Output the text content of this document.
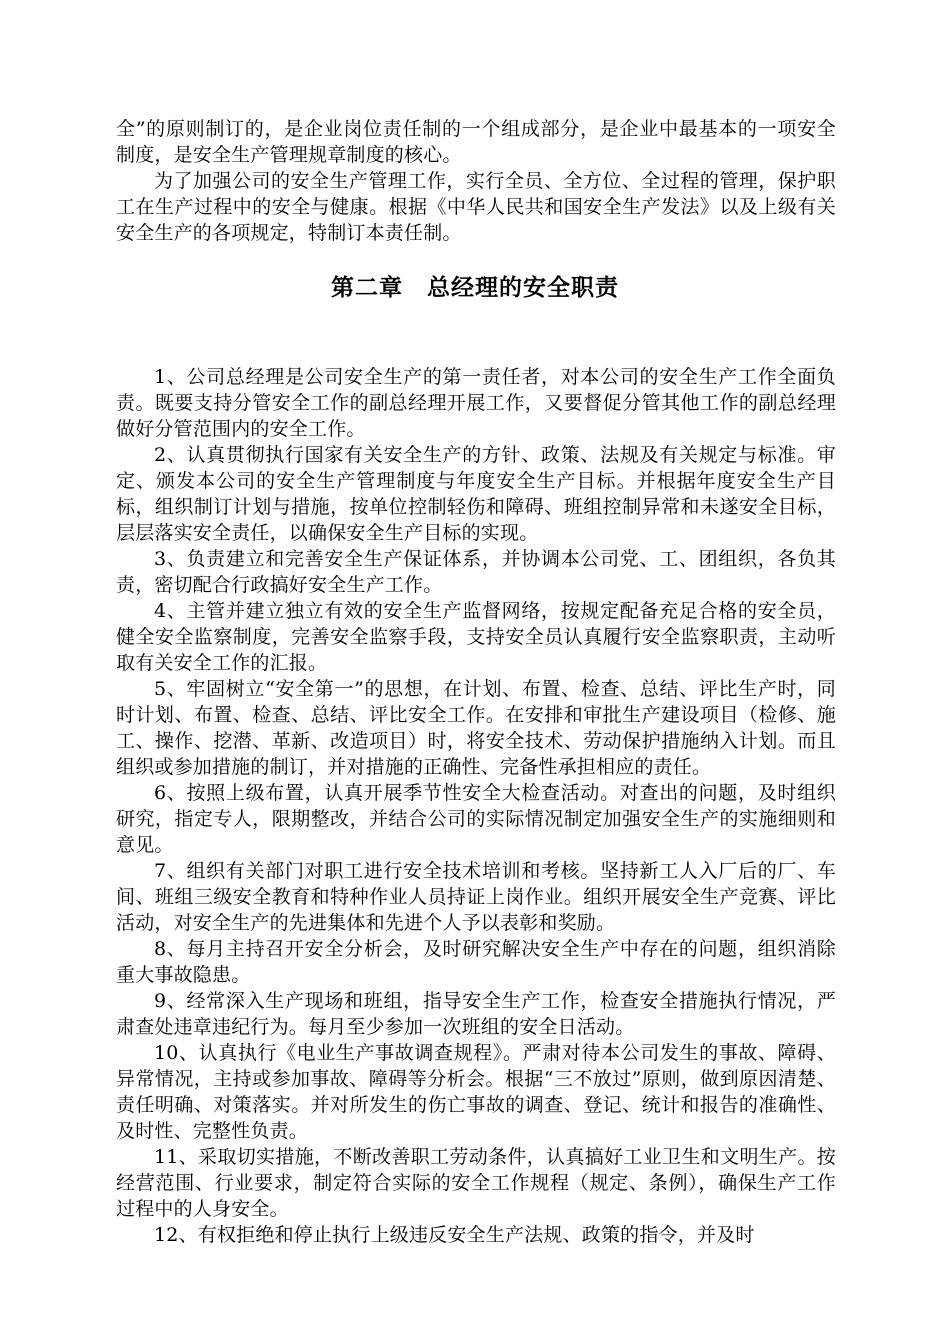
全”的原则制订的，是企业岗位责任制的一个组成部分，是企业中最基本的一项安全制度，是安全生产管理规章制度的核心。

为了加强公司的安全生产管理工作，实行全员、全方位、全过程的管理，保护职工在生产过程中的安全与健康。根据《中华人民共和国安全生产发法》以及上级有关安全生产的各项规定，特制订本责任制。

第二章　总经理的安全职责

1、公司总经理是公司安全生产的第一责任者，对本公司的安全生产工作全面负责。既要支持分管安全工作的副总经理开展工作，又要督促分管其他工作的副总经理做好分管范围内的安全工作。

2、认真贯彻执行国家有关安全生产的方针、政策、法规及有关规定与标准。审定、颁发本公司的安全生产管理制度与年度安全生产目标。并根据年度安全生产目标，组织制订计划与措施，按单位控制轻伤和障碍、班组控制异常和未遂安全目标，层层落实安全责任，以确保安全生产目标的实现。

3、负责建立和完善安全生产保证体系，并协调本公司党、工、团组织，各负其责，密切配合行政搞好安全生产工作。

4、主管并建立独立有效的安全生产监督网络，按规定配备充足合格的安全员，健全安全监察制度，完善安全监察手段，支持安全员认真履行安全监察职责，主动听取有关安全工作的汇报。

5、牢固树立“安全第一”的思想，在计划、布置、检查、总结、评比生产时，同时计划、布置、检查、总结、评比安全工作。在安排和审批生产建设项目（检修、施工、操作、挖潜、革新、改造项目）时，将安全技术、劳动保护措施纳入计划。而且组织或参加措施的制订，并对措施的正确性、完备性承担相应的责任。

6、按照上级布置，认真开展季节性安全大检查活动。对查出的问题，及时组织研究，指定专人，限期整改，并结合公司的实际情况制定加强安全生产的实施细则和意见。

7、组织有关部门对职工进行安全技术培训和考核。坚持新工人入厂后的厂、车间、班组三级安全教育和特种作业人员持证上岗作业。组织开展安全生产竞赛、评比活动，对安全生产的先进集体和先进个人予以表彰和奖励。

8、每月主持召开安全分析会，及时研究解决安全生产中存在的问题，组织消除重大事故隐患。

9、经常深入生产现场和班组，指导安全生产工作，检查安全措施执行情况，严肃查处违章违纪行为。每月至少参加一次班组的安全日活动。

10、认真执行《电业生产事故调查规程》。严肃对待本公司发生的事故、障碍、异常情况，主持或参加事故、障碍等分析会。根据“三不放过”原则，做到原因清楚、责任明确、对策落实。并对所发生的伤亡事故的调查、登记、统计和报告的准确性、及时性、完整性负责。

11、采取切实措施，不断改善职工劳动条件，认真搞好工业卫生和文明生产。按经营范围、行业要求，制定符合实际的安全工作规程（规定、条例），确保生产工作过程中的人身安全。

12、有权拒绝和停止执行上级违反安全生产法规、政策的指令，并及时
